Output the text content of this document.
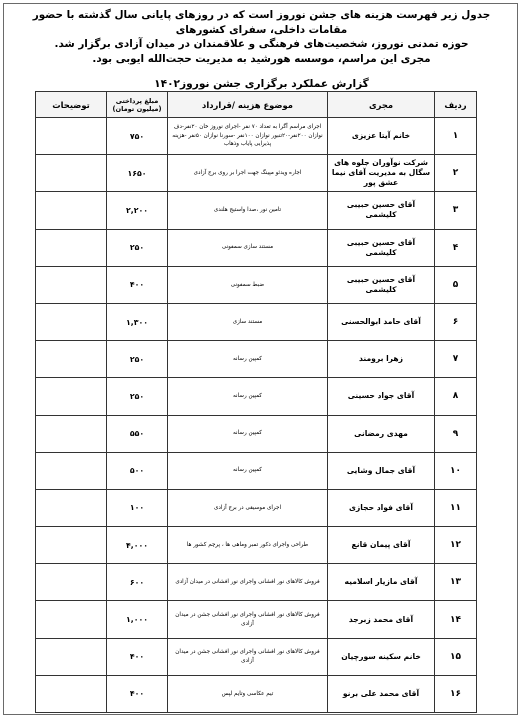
جدول زیر فهرست هزینه های جشن نوروز است که در روزهای پایانی سال گذشته با حضور مقامات داخلی، سفرای کشورهای
حوزه تمدنی نوروز، شخصیت‌های فرهنگی و علاقمندان در میدان آزادی برگزار شد.
مجری این مراسم، موسسه هورشید به مدیریت حجت‌الله ایوبی بود.
گزارش عملکرد برگزاری جشن نوروز۱۴۰۲
ردیف	مجری	موضوع هزینه /قرارداد	مبلغ پرداختی (میلیون تومان)	توضیحات
۱	خانم آیتا عزیزی	اجرای مراسم آگرا به تعداد ۷۰ نفر -اجرای نوروز خان ۲۰نفر-دف نوازان ۲۰۰نفر-۲۰تنبور نوازان ۱۰۰نفر -سورنا نوازان ۵۰نفر -هزینه پذیرایی پایاب وذهاب	۷۵۰	
۲	شرکت نوآوران جلوه های سگال به مدیریت آقای نیما عشق پور	اجاره ویدئو مپینگ جهت اجرا بر روی برج آزادی	۱۶۵۰	
۳	آقای حسین حبیبی کلیشمی	تامین نور ،صدا واستیج هلندی	۲,۲۰۰	
۴	آقای حسین حبیبی کلیشمی	مستند سازی سمفونی	۲۵۰	
۵	آقای حسین حبیبی کلیشمی	ضبط سمفونی	۴۰۰	
۶	آقای حامد ابوالحسنی	مستند سازی	۱,۳۰۰	
۷	زهرا برومند	کمپین رسانه	۲۵۰	
۸	آقای جواد حسینی	کمپین رسانه	۲۵۰	
۹	مهدی رمضانی	کمپین رسانه	۵۵۰	
۱۰	آقای جمال وشایی	کمپین رسانه	۵۰۰	
۱۱	آقای فواد حجازی	اجرای موسیقی در برج آزادی	۱۰۰	
۱۲	آقای پیمان قانع	طراحی واجرای دکور تمبر وماهی ها ، پرچم کشور ها	۴,۰۰۰	
۱۳	آقای مازیار اسلامیه	فروش کالاهای نور افشانی واجرای نور افشانی در میدان آزادی	۶۰۰	
۱۴	آقای محمد زبرجد	فروش کالاهای نور افشانی واجرای نور افشانی جشن در میدان آزادی	۱,۰۰۰	
۱۵	خانم سکینه سورچیان	فروش کالاهای نور افشانی واجرای نور افشانی جشن در میدان آزادی	۴۰۰	
۱۶	آقای محمد علی برنو	تیم عکاسی وتایم لپس	۴۰۰	
